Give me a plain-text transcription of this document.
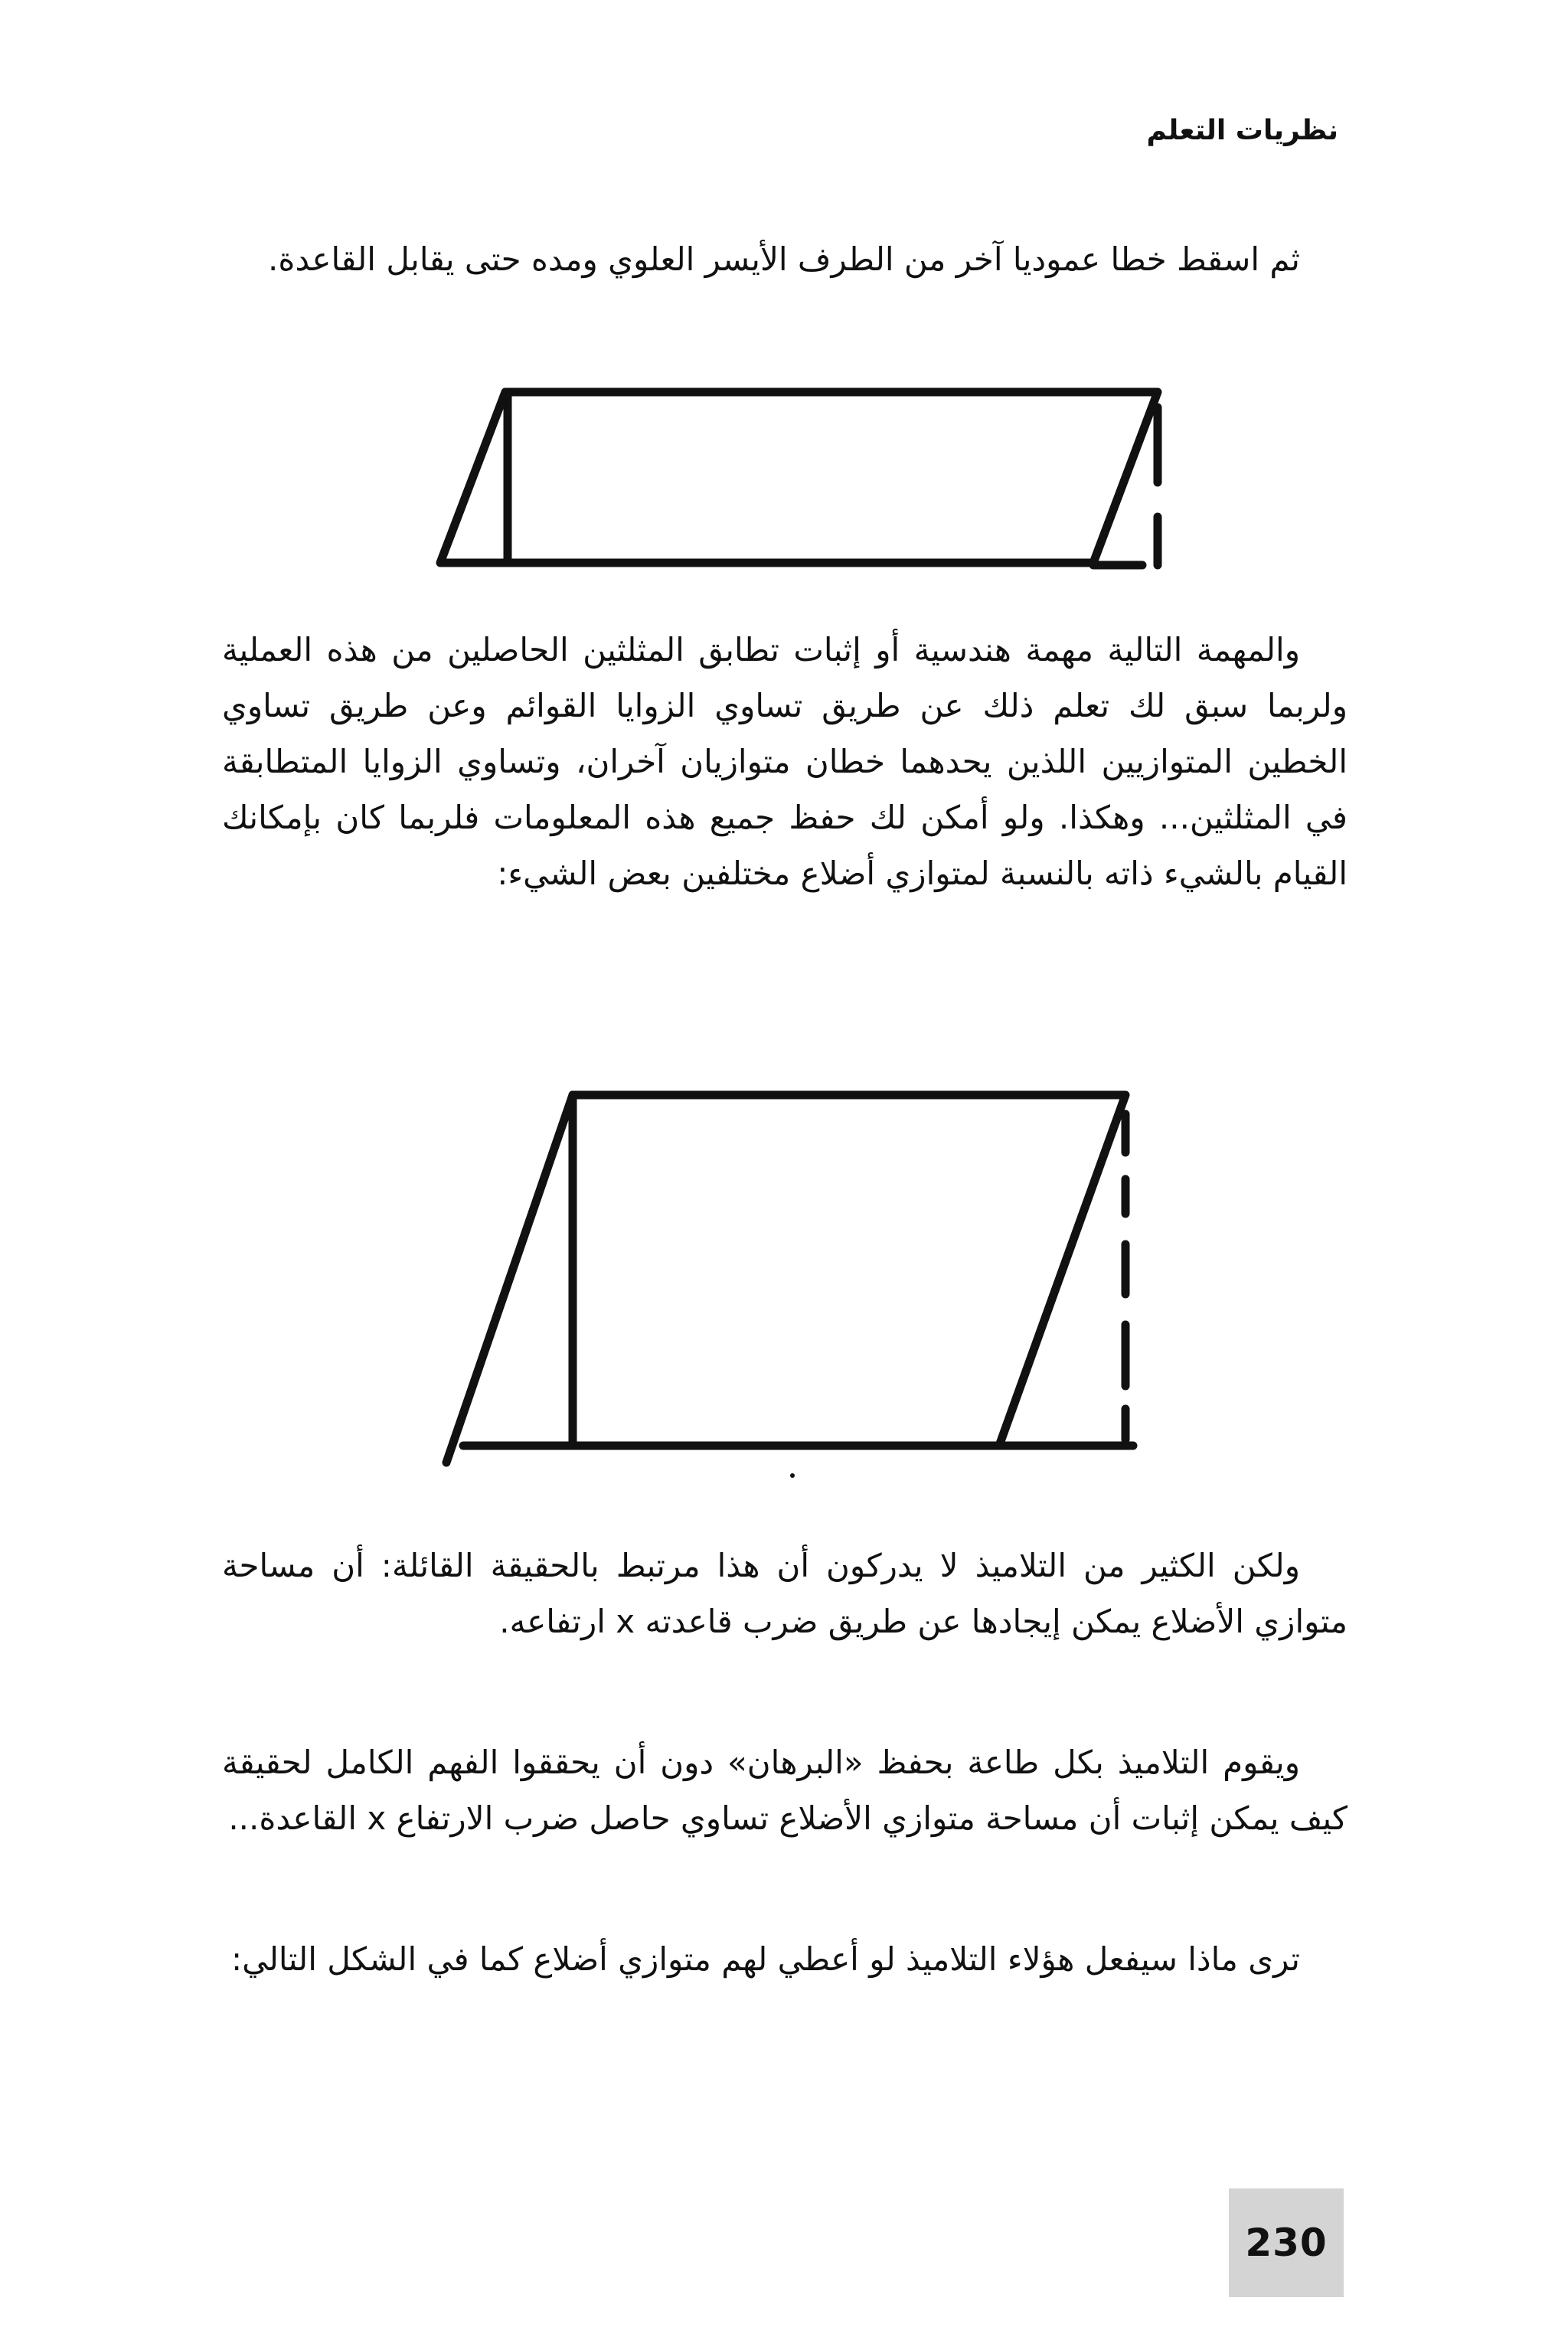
نظريات التعلم

ثم اسقط خطا عموديا آخر من الطرف الأيسر العلوي ومده حتى يقابل القاعدة.

والمهمة التالية مهمة هندسية أو إثبات تطابق المثلثين الحاصلين من هذه العملية ولربما سبق لك تعلم ذلك عن طريق تساوي الزوايا القوائم وعن طريق تساوي الخطين المتوازيين اللذين يحدهما خطان متوازيان آخران، وتساوي الزوايا المتطابقة في المثلثين... وهكذا. ولو أمكن لك حفظ جميع هذه المعلومات فلربما كان بإمكانك القيام بالشيء ذاته بالنسبة لمتوازي أضلاع مختلفين بعض الشيء:

ولكن الكثير من التلاميذ لا يدركون أن هذا مرتبط بالحقيقة القائلة: أن مساحة متوازي الأضلاع يمكن إيجادها عن طريق ضرب قاعدته x ارتفاعه.

ويقوم التلاميذ بكل طاعة بحفظ «البرهان» دون أن يحققوا الفهم الكامل لحقيقة كيف يمكن إثبات أن مساحة متوازي الأضلاع تساوي حاصل ضرب الارتفاع x القاعدة...

ترى ماذا سيفعل هؤلاء التلاميذ لو أعطي لهم متوازي أضلاع كما في الشكل التالي:

230
